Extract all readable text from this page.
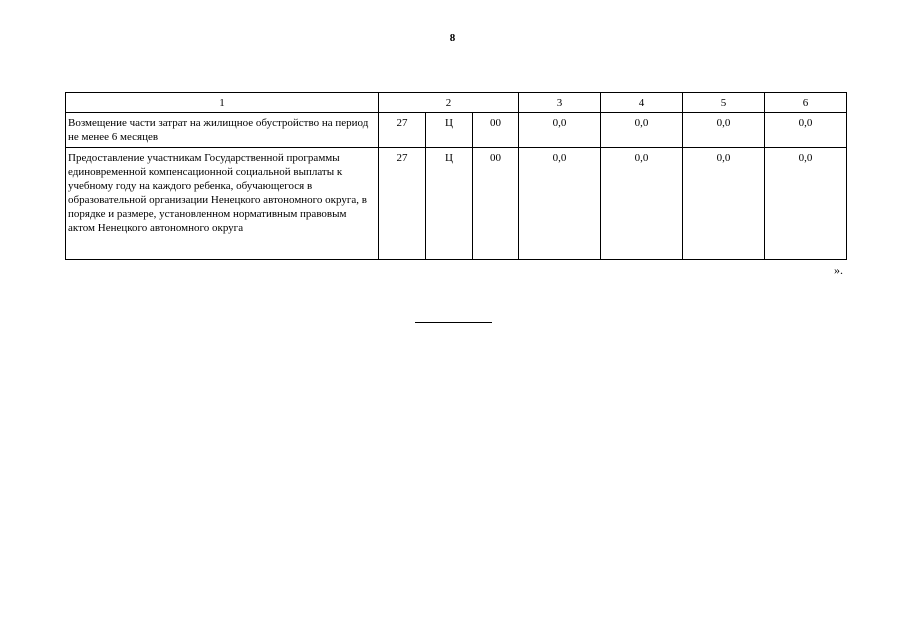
8
1	2			3	4	5	6
Возмещение части затрат на жилищное обустройство на период не менее 6 месяцев	27	Ц	00	0,0	0,0	0,0	0,0
Предоставление участникам Государственной программы единовременной компенсационной социальной выплаты к учебному году на каждого ребенка, обучающегося в образовательной организации Ненецкого автономного округа, в порядке и размере, установленном нормативным правовым актом Ненецкого автономного округа	27	Ц	00	0,0	0,0	0,0	0,0
».
